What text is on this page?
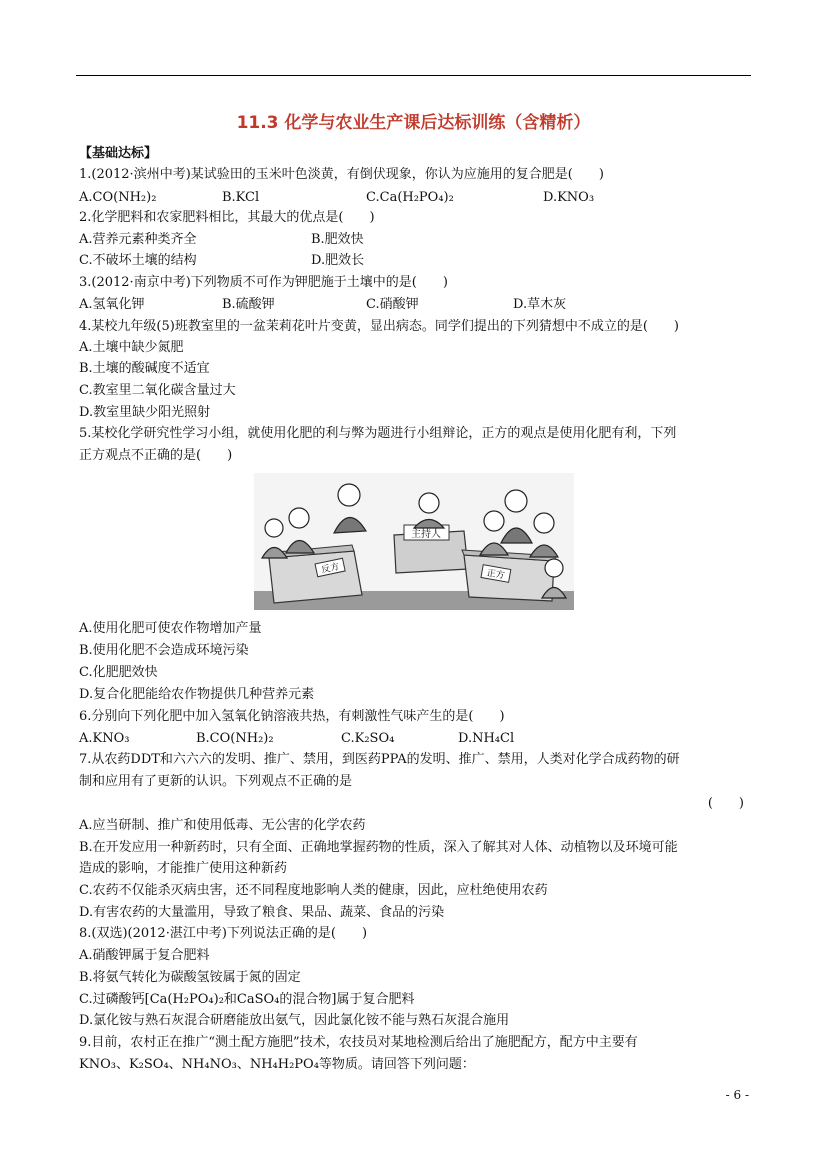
11.3 化学与农业生产课后达标训练（含精析）
【基础达标】
1.(2012·滨州中考)某试验田的玉米叶色淡黄，有倒伏现象，你认为应施用的复合肥是(　　)
A.CO(NH₂)₂	B.KCl	C.Ca(H₂PO₄)₂	D.KNO₃
2.化学肥料和农家肥料相比，其最大的优点是(　　)
A.营养元素种类齐全	B.肥效快
C.不破坏土壤的结构	D.肥效长
3.(2012·南京中考)下列物质不可作为钾肥施于土壤中的是(　　)
A.氢氧化钾	B.硫酸钾	C.硝酸钾	D.草木灰
4.某校九年级(5)班教室里的一盆茉莉花叶片变黄，显出病态。同学们提出的下列猜想中不成立的是(　　)
A.土壤中缺少氮肥
B.土壤的酸碱度不适宜
C.教室里二氧化碳含量过大
D.教室里缺少阳光照射
5.某校化学研究性学习小组，就使用化肥的利与弊为题进行小组辩论，正方的观点是使用化肥有利，下列
正方观点不正确的是(　　)
主持人
反方	正方
A.使用化肥可使农作物增加产量
B.使用化肥不会造成环境污染
C.化肥肥效快
D.复合化肥能给农作物提供几种营养元素
6.分别向下列化肥中加入氢氧化钠溶液共热，有刺激性气味产生的是(　　)
A.KNO₃	B.CO(NH₂)₂	C.K₂SO₄	D.NH₄Cl
7.从农药DDT和六六六的发明、推广、禁用，到医药PPA的发明、推广、禁用，人类对化学合成药物的研
制和应用有了更新的认识。下列观点不正确的是
(　　)
A.应当研制、推广和使用低毒、无公害的化学农药
B.在开发应用一种新药时，只有全面、正确地掌握药物的性质，深入了解其对人体、动植物以及环境可能
造成的影响，才能推广使用这种新药
C.农药不仅能杀灭病虫害，还不同程度地影响人类的健康，因此，应杜绝使用农药
D.有害农药的大量滥用，导致了粮食、果品、蔬菜、食品的污染
8.(双选)(2012·湛江中考)下列说法正确的是(　　)
A.硝酸钾属于复合肥料
B.将氨气转化为碳酸氢铵属于氮的固定
C.过磷酸钙[Ca(H₂PO₄)₂和CaSO₄的混合物]属于复合肥料
D.氯化铵与熟石灰混合研磨能放出氨气，因此氯化铵不能与熟石灰混合施用
9.目前，农村正在推广“测土配方施肥”技术，农技员对某地检测后给出了施肥配方，配方中主要有
KNO₃、K₂SO₄、NH₄NO₃、NH₄H₂PO₄等物质。请回答下列问题：
- 6 -
